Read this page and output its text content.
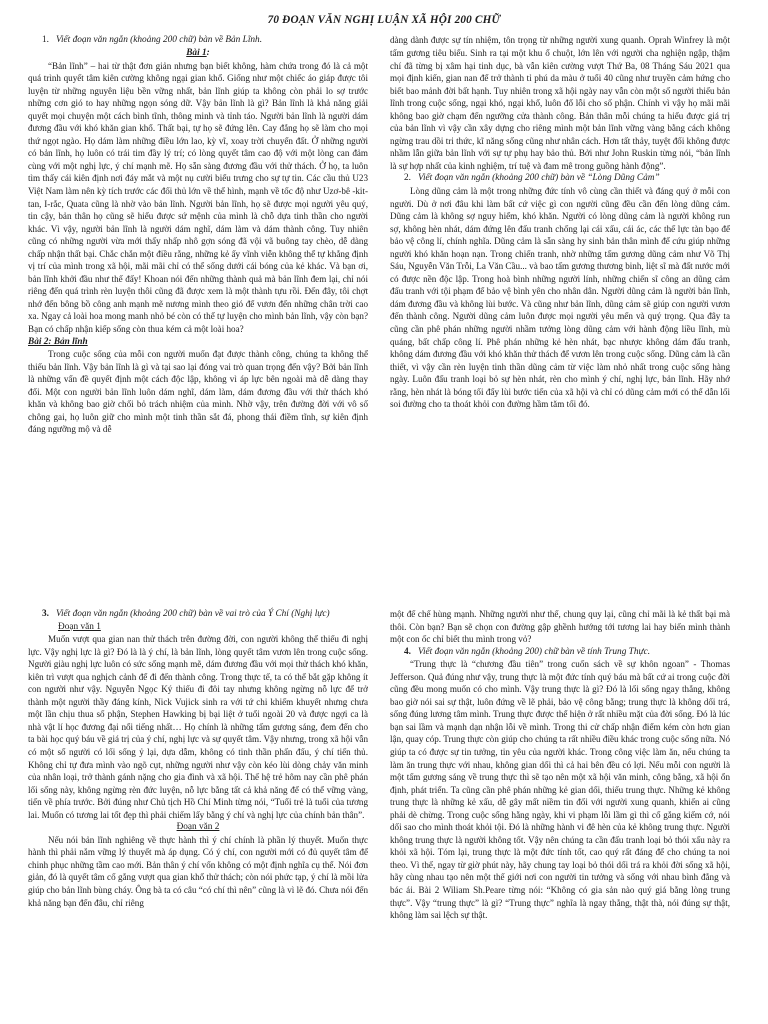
70 ĐOẠN VĂN NGHỊ LUẬN XÃ HỘI 200 CHỮ

1. Viết đoạn văn ngắn (khoảng 200 chữ) bàn về Bản Lĩnh.

Bài 1:

“Bản lĩnh” – hai từ thật đơn giản nhưng bạn biết không, hàm chứa trong đó là cả một quá trình quyết tâm kiên cường không ngại gian khổ. Giống như một chiếc áo giáp được tôi luyện từ những nguyên liệu bền vững nhất, bản lĩnh giúp ta không còn phải lo sợ trước những cơn gió to hay những ngọn sóng dữ. Vậy bản lĩnh là gì? Bản lĩnh là khả năng giải quyết mọi chuyện một cách bình tĩnh, thông minh và tỉnh táo. Người bản lĩnh là người dám đương đầu với khó khăn gian khổ. Thất bại, tự họ sẽ đứng lên. Cay đắng họ sẽ làm cho mọi thứ ngọt ngào. Họ dám làm những điều lớn lao, kỳ vĩ, xoay trời chuyển đất. Ở những người có bản lĩnh, họ luôn có trái tim đầy lý trí; có lòng quyết tâm cao độ với một lòng can đảm cùng với một nghị lực, ý chí mạnh mẽ. Họ sẵn sàng đương đầu với thử thách. Ở họ, ta luôn tìm thấy cái kiên định nơi đáy mắt và một nụ cười biểu trưng cho sự tự tin. Các cầu thủ U23 Việt Nam làm nên kỳ tích trước các đối thủ lớn về thể hình, mạnh về tốc độ như Uzơ-bê -kit- tan, I-rắc, Quata cũng là nhờ vào bản lĩnh. Người bản lĩnh, họ sẽ được mọi người yêu quý, tin cậy, bản thân họ cũng sẽ hiểu được sứ mệnh của mình là chỗ dựa tinh thần cho người khác. Vì vậy, người bản lĩnh là người dám nghĩ, dám làm và dám thành công. Tuy nhiên cũng có những người vừa mới thấy nhấp nhô gợn sóng đã vội vã buông tay chèo, dễ dàng chấp nhận thất bại. Chắc chắn một điều rằng, những kẻ ấy vĩnh viễn không thể tự khẳng định vị trí của mình trong xã hội, mãi mãi chỉ có thể sống dưới cái bóng của kẻ khác. Và bạn ơi, bản lĩnh khởi đầu như thế đấy! Khoan nói đến những thành quả mà bản lĩnh đem lại, chỉ nói riêng đến quá trình rèn luyện thôi cũng đã được xem là một thành tựu rồi. Đến đây, tôi chợt nhớ đến bông bồ công anh mạnh mẽ nương mình theo gió để vươn đến những chân trời cao xa. Ngay cả loài hoa mong manh nhỏ bé còn có thể tự luyện cho mình bản lĩnh, vậy còn bạn? Bạn có chấp nhận kiếp sống còn thua kém cả một loài hoa?

Bài 2: Bản lĩnh

Trong cuộc sống của mỗi con người muốn đạt được thành công, chúng ta không thể thiếu bản lĩnh. Vậy bản lĩnh là gì và tại sao lại đóng vai trò quan trọng đến vậy? Bởi bản lĩnh là những vấn đề quyết định một cách độc lập, không vì áp lực bên ngoài mà dễ dàng thay đổi. Một con người bản lĩnh luôn dám nghĩ, dám làm, dám đương đầu với thử thách khó khăn và không bao giờ chối bỏ trách nhiệm của mình. Nhờ vậy, trên đường đời với vô số chông gai, họ luôn giữ cho mình một tinh thần sắt đá, phong thái điềm tĩnh, sự kiên định đáng ngưỡng mộ và dễ

dàng dành được sự tín nhiệm, tôn trọng từ những người xung quanh. Oprah Winfrey là một tấm gương tiêu biểu. Sinh ra tại một khu ổ chuột, lớn lên với người cha nghiện ngập, thậm chí đã từng bị xâm hại tinh dục, bà vẫn kiên cường vượt Thứ Ba, 08 Tháng Sáu 2021 qua mọi định kiến, gian nan để trở thành tỉ phú da màu ở tuổi 40 cũng như truyền cảm hứng cho biết bao mảnh đời bất hạnh. Tuy nhiên trong xã hội ngày nay vẫn còn một số người thiếu bản lĩnh trong cuộc sống, ngại khó, ngại khổ, luôn đổ lỗi cho số phận. Chính vì vậy họ mãi mãi không bao giờ chạm đến ngưỡng cửa thành công. Bản thân mỗi chúng ta hiểu được giá trị của bản lĩnh vì vậy cần xây dựng cho riêng mình một bản lĩnh vững vàng bằng cách không ngừng trau dồi tri thức, kĩ năng sống cũng như nhân cách. Hơn tất thảy, tuyệt đối không được nhầm lẫn giữa bản lĩnh với sự tự phụ hay bảo thủ. Bởi như John Ruskin từng nói, “bản lĩnh là sự hợp nhất của kinh nghiệm, trí tuệ và đam mê trong guồng hành động”.

2. Viết đoạn văn ngắn (khoảng 200 chữ) bàn về “Lòng Dũng Cảm”

Lòng dũng cảm là một trong những đức tính vô cùng cần thiết và đáng quý ở mỗi con người. Dù ở nơi đâu khi làm bất cứ việc gì con người cũng đều cần đến lòng dũng cảm. Dũng cảm là không sợ nguy hiểm, khó khăn. Người có lòng dũng cảm là người không run sợ, không hèn nhát, dám đứng lên đấu tranh chống lại cái xấu, cái ác, các thế lực tàn bạo để bảo vệ công lí, chính nghĩa. Dũng cảm là sẵn sàng hy sinh bản thân mình để cứu giúp những người khó khăn hoạn nạn. Trong chiến tranh, nhờ những tấm gương dũng cảm như Võ Thị Sáu, Nguyễn Văn Trỗi, La Văn Cầu... và bao tấm gương thương binh, liệt sĩ mà đất nước mới có được nền độc lập. Trong hoà bình những người lính, những chiến sĩ công an dũng cảm đấu tranh với tội phạm để bảo vệ bình yên cho nhân dân. Người dũng cảm là người bản lĩnh, dám đương đầu và không lùi bước. Và cũng như bản lĩnh, dũng cảm sẽ giúp con người vươn đến thành công. Người dũng cảm luôn được mọi người yêu mến và quý trọng. Qua đây ta cũng cần phê phán những người nhầm tưởng lòng dũng cảm với hành động liều lĩnh, mù quáng, bất chấp công lí. Phê phán những kẻ hèn nhát, bạc nhược không dám đấu tranh, không dám đương đầu với khó khăn thử thách để vươn lên trong cuộc sống. Dũng cảm là cần thiết, vì vậy cần rèn luyện tinh thần dũng cảm từ việc làm nhỏ nhất trong cuộc sống hàng ngày. Luôn đấu tranh loại bỏ sự hèn nhát, rèn cho mình ý chí, nghị lực, bản lĩnh. Hãy nhớ rằng, hèn nhát là bóng tối đẩy lùi bước tiến của xã hội và chỉ có dũng cảm mới có thể dẫn lối soi đường cho ta thoát khỏi con đường hầm tăm tối đó.

3. Viết đoạn văn ngắn (khoảng 200 chữ) bàn về vai trò của Ý Chí (Nghị lực)

Đoạn văn 1

Muốn vượt qua gian nan thử thách trên đường đời, con người không thể thiếu đi nghị lực. Vậy nghị lực là gì? Đó là là ý chí, là bản lĩnh, lòng quyết tâm vươn lên trong cuộc sống. Người giàu nghị lực luôn có sức sống mạnh mẽ, dám đương đầu với mọi thử thách khó khăn, kiên trì vượt qua nghịch cảnh để đi đến thành công. Trong thực tế, ta có thể bắt gặp không ít con người như vậy. Nguyễn Ngọc Ký thiếu đi đôi tay nhưng không ngừng nỗ lực để trở thành một người thầy đáng kính, Nick Vujick sinh ra với tứ chi khiếm khuyết nhưng chưa một lần chịu thua số phận, Stephen Hawking bị bại liệt ở tuổi ngoài 20 và được ngợi ca là nhà vật lí học đương đại nổi tiếng nhất… Họ chính là những tấm gương sáng, đem đến cho ta bài học quý báu về giá trị của ý chí, nghị lực và sự quyết tâm. Vậy nhưng, trong xã hội vẫn có một số người có lối sống ỷ lại, dựa dẫm, không có tinh thần phấn đấu, ý chí tiến thủ. Không chỉ tự đưa mình vào ngõ cụt, những người như vậy còn kéo lùi dòng chảy văn minh của nhân loại, trở thành gánh nặng cho gia đình và xã hội. Thế hệ trẻ hôm nay cần phê phán lối sống này, không ngừng rèn đức luyện, nỗ lực bằng tất cả khả năng để có thể vững vàng, tiến về phía trước. Bởi đúng như Chủ tịch Hồ Chí Minh từng nói, “Tuổi trẻ là tuổi của tương lai. Muốn có tương lai tốt đẹp thì phải chiếm lấy bằng ý chí và nghị lực của chính bản thân”.

Đoạn văn 2

Nếu nói bản lĩnh nghiêng về thực hành thì ý chí chính là phần lý thuyết. Muốn thực hành thì phải nắm vững lý thuyết mà áp dụng. Có ý chí, con người mới có đủ quyết tâm để chinh phục những tầm cao mới. Bản thân ý chí vốn không có một định nghĩa cụ thể. Nói đơn giản, đó là quyết tâm cố gắng vượt qua gian khổ thử thách; còn nói phức tạp, ý chí là mồi lửa giúp cho bản lĩnh bùng cháy. Ông bà ta có câu “có chí thì nên” cũng là vì lẽ đó. Chưa nói đến khả năng bạn đến đâu, chỉ riêng

một đế chế hùng mạnh. Những người như thế, chung quy lại, cũng chỉ mãi là kẻ thất bại mà thôi. Còn bạn? Bạn sẽ chọn con đường gập ghềnh hướng tới tương lai hay biến mình thành một con ốc chỉ biết thu mình trong vỏ?

4. Viết đoạn văn ngắn (khoảng 200) chữ bàn về tính Trung Thực.

“Trung thực là “chương đầu tiên” trong cuốn sách về sự khôn ngoan” - Thomas Jefferson. Quả đúng như vậy, trung thực là một đức tính quý báu mà bất cứ ai trong cuộc đời cũng đều mong muốn có cho mình. Vậy trung thực là gì? Đó là lối sống ngay thẳng, không bao giờ nói sai sự thật, luôn đứng về lẽ phải, bảo vệ công bằng; trung thực là không dối trá, sống đúng lương tâm mình. Trung thực được thể hiện ở rất nhiều mặt của đời sống. Đó là lúc bạn sai lầm và mạnh dạn nhận lỗi về mình. Trong thi cử chấp nhận điểm kém còn hơn gian lận, quay cóp. Trung thực còn giúp cho chúng ta rất nhiều điều khác trong cuộc sống nữa. Nó giúp ta có được sự tin tưởng, tin yêu của người khác. Trong công việc làm ăn, nếu chúng ta làm ăn trung thực với nhau, không gian dối thì cả hai bên đều có lợi. Nếu mỗi con người là một tấm gương sáng về trung thực thì sẽ tạo nên một xã hội văn minh, công bằng, xã hội ổn định, phát triển. Ta cũng cần phê phán những kẻ gian dối, thiếu trung thực. Những kẻ không trung thực là những kẻ xấu, dễ gây mất niềm tin đối với người xung quanh, khiến ai cũng phải dè chừng. Trong cuộc sống hằng ngày, khi vi phạm lỗi lầm gì thì cố gắng kiếm cớ, nói dối sao cho mình thoát khỏi tội. Đó là những hành vi đê hèn của kẻ không trung thực. Người không trung thực là người không tốt. Vậy nên chúng ta cần đấu tranh loại bỏ thói xấu này ra khỏi xã hội. Tóm lại, trung thực là một đức tính tốt, cao quý rất đáng để cho chúng ta noi theo. Vì thế, ngay từ giờ phút này, hãy chung tay loại bỏ thói dối trá ra khỏi đời sống xã hội, hãy cùng nhau tạo nên một thế giới nơi con người tin tưởng và sống với nhau bình đẳng và bác ái. Bài 2 Wiliam Sh.Peare từng nói: “Không có gia sản nào quý giá bằng lòng trung thực”. Vậy “trung thực” là gì? “Trung thực” nghĩa là ngay thẳng, thật thà, nói đúng sự thật, không làm sai lệch sự thật.
